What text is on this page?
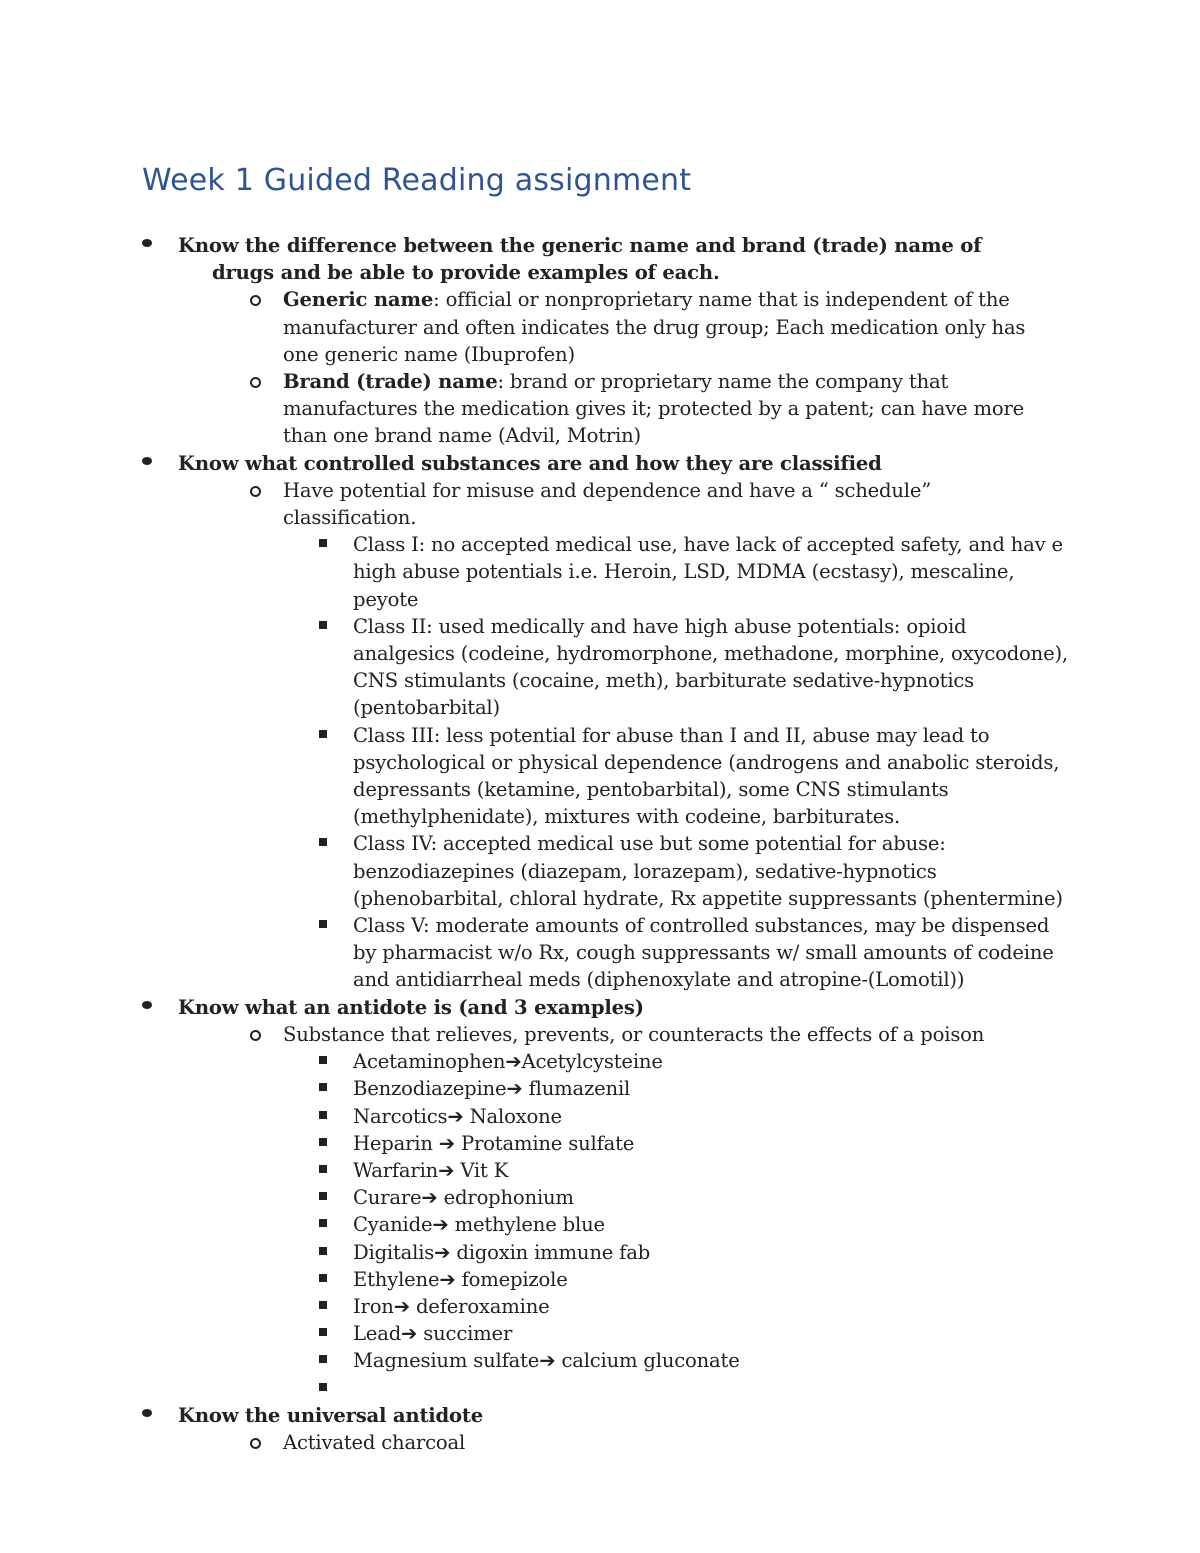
Week 1 Guided Reading assignment
Know the difference between the generic name and brand (trade) name of drugs and be able to provide examples of each.
Generic name: official or nonproprietary name that is independent of the manufacturer and often indicates the drug group; Each medication only has one generic name (Ibuprofen)
Brand (trade) name: brand or proprietary name the company that manufactures the medication gives it; protected by a patent; can have more than one brand name (Advil, Motrin)
Know what controlled substances are and how they are classified
Have potential for misuse and dependence and have a “ schedule” classification.
Class I: no accepted medical use, have lack of accepted safety, and hav e high abuse potentials i.e. Heroin, LSD, MDMA (ecstasy), mescaline, peyote
Class II: used medically and have high abuse potentials: opioid analgesics (codeine, hydromorphone, methadone, morphine, oxycodone), CNS stimulants (cocaine, meth), barbiturate sedative-hypnotics (pentobarbital)
Class III: less potential for abuse than I and II, abuse may lead to psychological or physical dependence (androgens and anabolic steroids, depressants (ketamine, pentobarbital), some CNS stimulants (methylphenidate), mixtures with codeine, barbiturates.
Class IV: accepted medical use but some potential for abuse: benzodiazepines (diazepam, lorazepam), sedative-hypnotics (phenobarbital, chloral hydrate, Rx appetite suppressants (phentermine)
Class V: moderate amounts of controlled substances, may be dispensed by pharmacist w/o Rx, cough suppressants w/ small amounts of codeine and antidiarrheal meds (diphenoxylate and atropine-(Lomotil))
Know what an antidote is (and 3 examples)
Substance that relieves, prevents, or counteracts the effects of a poison
Acetaminophen➔Acetylcysteine
Benzodiazepine➔ flumazenil
Narcotics➔ Naloxone
Heparin ➔ Protamine sulfate
Warfarin➔ Vit K
Curare➔ edrophonium
Cyanide➔ methylene blue
Digitalis➔ digoxin immune fab
Ethylene➔ fomepizole
Iron➔ deferoxamine
Lead➔ succimer
Magnesium sulfate➔ calcium gluconate
Know the universal antidote
Activated charcoal
